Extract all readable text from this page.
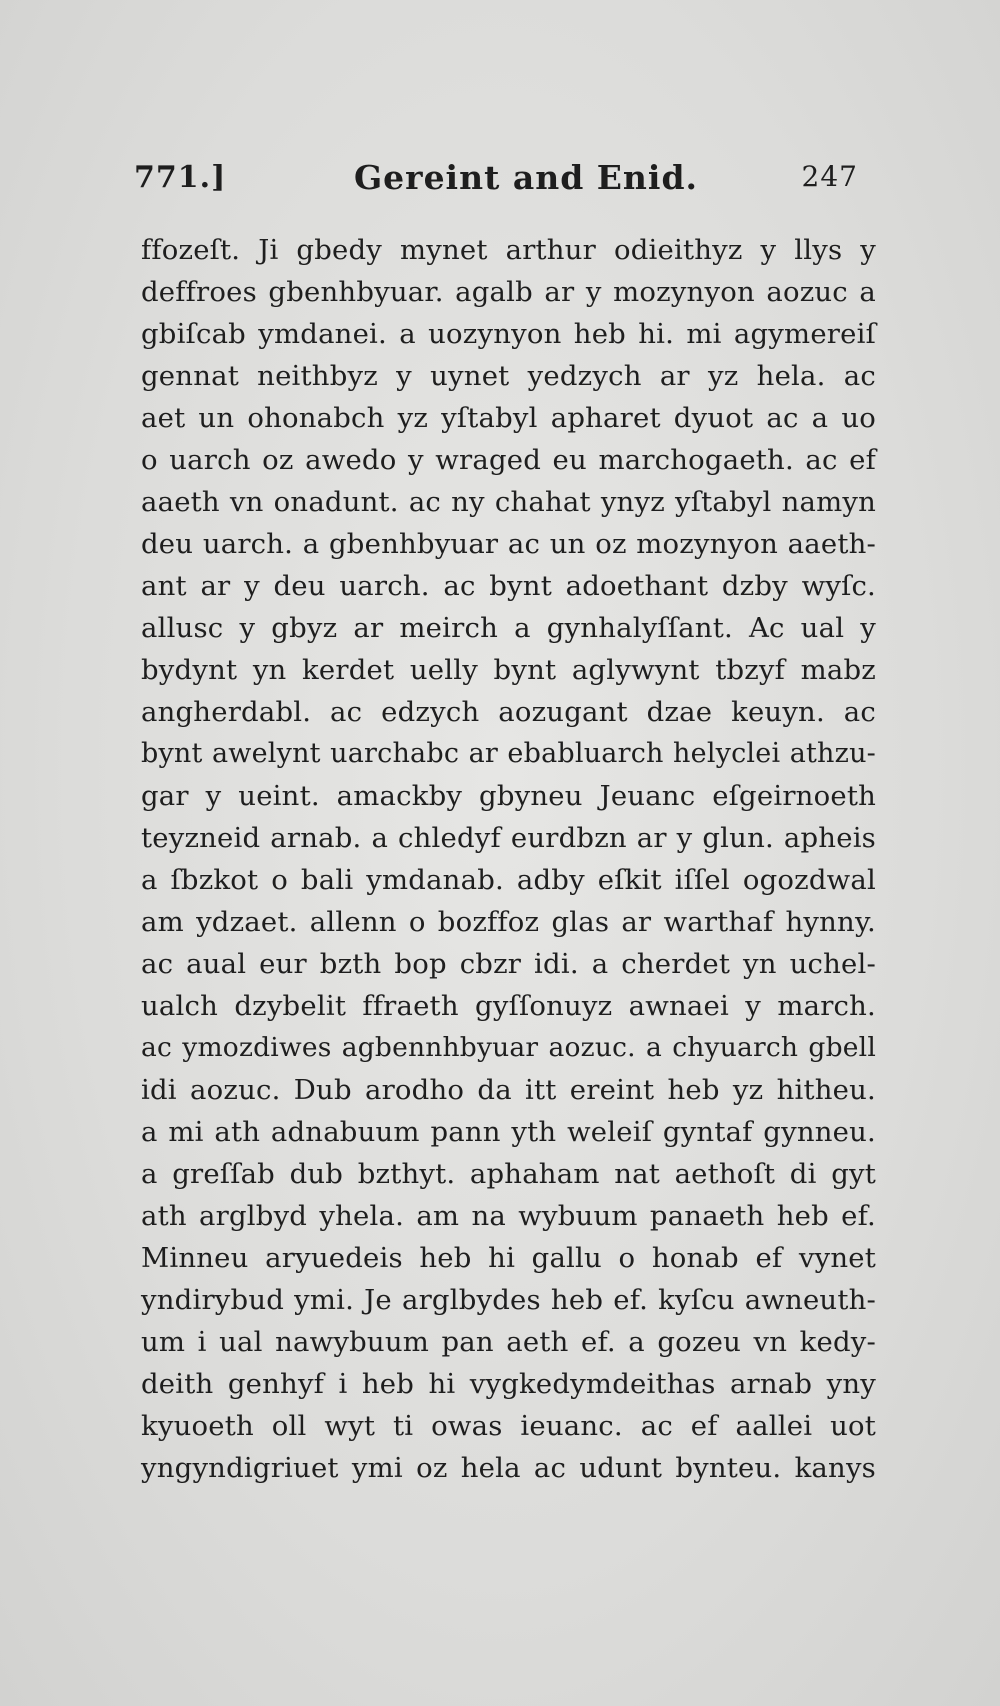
771.]	Gereint and Enid.	247
ffozeſt. Ji gbedy mynet arthur odieithyz y llys y
deffroes gbenhbyuar. agalb ar y mozynyon aozuc a
gbiſcab ymdanei. a uozynyon heb hi. mi agymereiſ
gennat neithbyz y uynet yedzych ar yz hela. ac
aet un ohonabch yz yſtabyl apharet dyuot ac a uo
o uarch oz awedo y wraged eu marchogaeth. ac ef
aaeth vn onadunt. ac ny chahat ynyz yſtabyl namyn
deu uarch. a gbenhbyuar ac un oz mozynyon aaeth-
ant ar y deu uarch. ac bynt adoethant dzby wyſc.
allusc y gbyz ar meirch a gynhalyſſant. Ac ual y
bydynt yn kerdet uelly bynt aglywynt tbzyf mabz
angherdabl. ac edzych aozugant dzae keuyn. ac
bynt awelynt uarchabc ar ebabluarch helyclei athzu-
gar y ueint. amackby gbyneu Jeuanc eſgeirnoeth
teyzneid arnab. a chledyf eurdbzn ar y glun. apheis
a ſbzkot o bali ymdanab. adby eſkit iſſel ogozdwal
am ydzaet. allenn o bozffoz glas ar warthaf hynny.
ac aual eur bzth bop cbzr idi. a cherdet yn uchel-
ualch dzybelit ffraeth gyſſonuyz awnaei y march.
ac ymozdiwes agbennhbyuar aozuc. a chyuarch gbell
idi aozuc. Dub arodho da itt ereint heb yz hitheu.
a mi ath adnabuum pann yth weleiſ gyntaf gynneu.
a greſſab dub bzthyt. aphaham nat aethoſt di gyt
ath arglbyd yhela. am na wybuum panaeth heb ef.
Minneu aryuedeis heb hi gallu o honab ef vynet
yndirybud ymi. Je arglbydes heb ef. kyſcu awneuth-
um i ual nawybuum pan aeth ef. a gozeu vn kedy-
deith genhyf i heb hi vygkedymdeithas arnab yny
kyuoeth oll wyt ti owas ieuanc. ac ef aallei uot
yngyndigriuet ymi oz hela ac udunt bynteu. kanys
